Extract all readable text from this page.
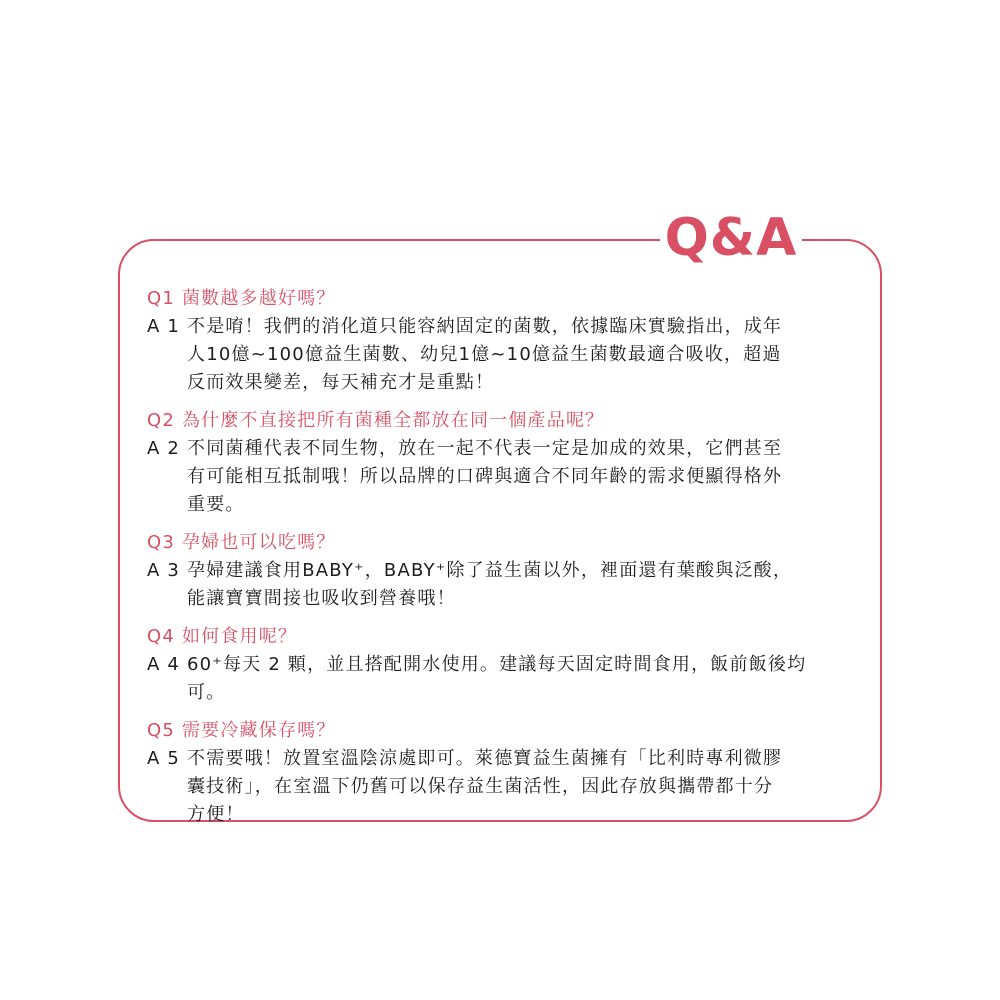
Q&A
Q1 菌數越多越好嗎？
A 1 不是唷！我們的消化道只能容納固定的菌數，依據臨床實驗指出，成年
人10億~100億益生菌數、幼兒1億~10億益生菌數最適合吸收，超過
反而效果變差，每天補充才是重點！
Q2 為什麼不直接把所有菌種全都放在同一個產品呢？
A 2 不同菌種代表不同生物，放在一起不代表一定是加成的效果，它們甚至
有可能相互抵制哦！所以品牌的口碑與適合不同年齡的需求便顯得格外
重要。
Q3 孕婦也可以吃嗎？
A 3 孕婦建議食用BABY⁺，BABY⁺除了益生菌以外，裡面還有葉酸與泛酸，
能讓寶寶間接也吸收到營養哦！
Q4 如何食用呢？
A 4 60⁺每天 2 顆，並且搭配開水使用。建議每天固定時間食用，飯前飯後均
可。
Q5 需要冷藏保存嗎？
A 5 不需要哦！放置室溫陰涼處即可。萊德寶益生菌擁有「比利時專利微膠
囊技術」，在室溫下仍舊可以保存益生菌活性，因此存放與攜帶都十分
方便！
